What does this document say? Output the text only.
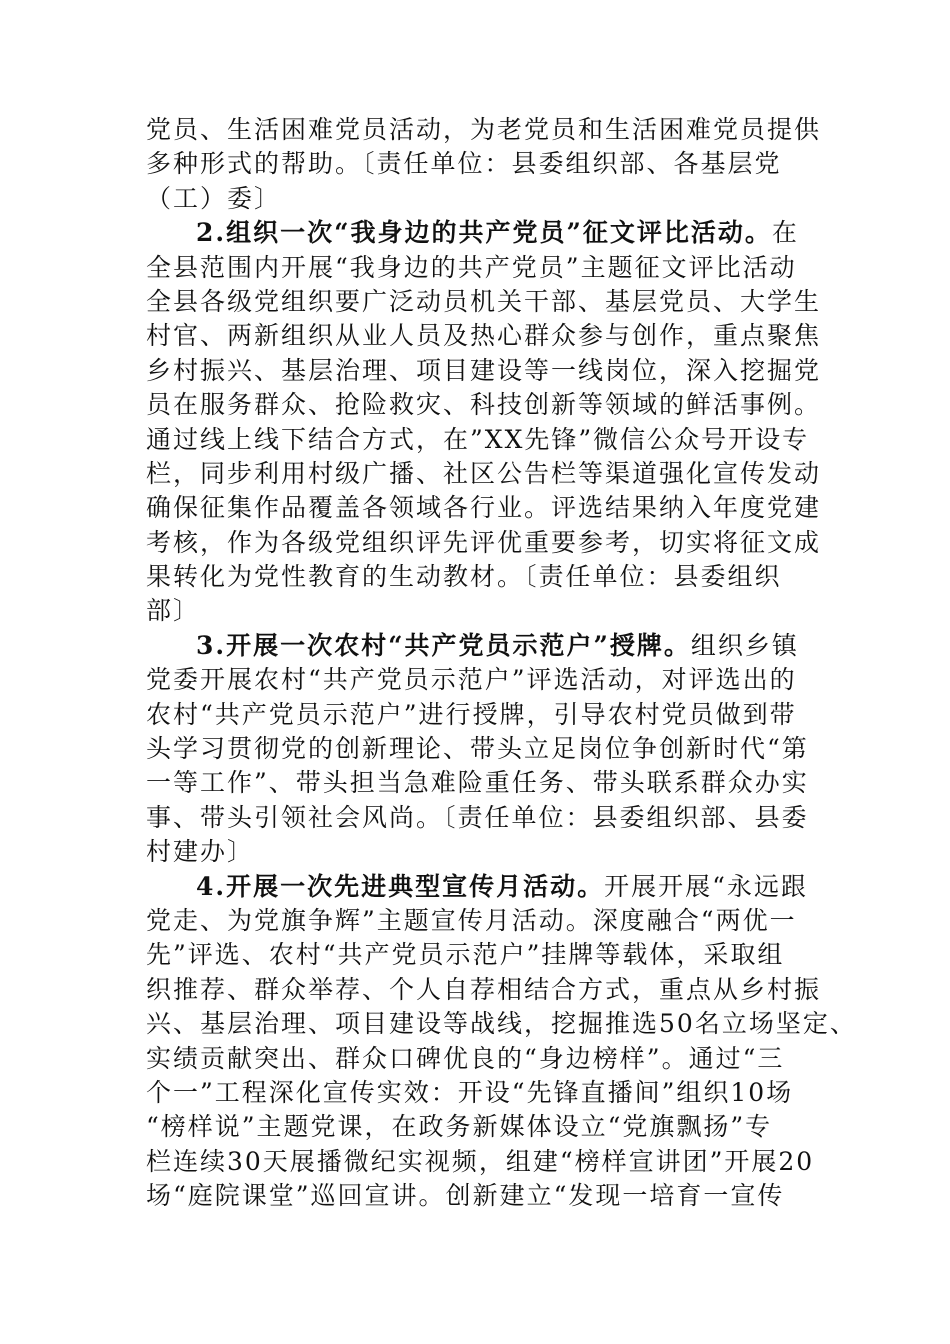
党员、生活困难党员活动，为老党员和生活困难党员提供
多种形式的帮助。〔责任单位：县委组织部、各基层党
（工）委〕
2.组织一次“我身边的共产党员”征文评比活动。在
全县范围内开展“我身边的共产党员”主题征文评比活动
全县各级党组织要广泛动员机关干部、基层党员、大学生
村官、两新组织从业人员及热心群众参与创作，重点聚焦
乡村振兴、基层治理、项目建设等一线岗位，深入挖掘党
员在服务群众、抢险救灾、科技创新等领域的鲜活事例。
通过线上线下结合方式，在”XX先锋”微信公众号开设专
栏，同步利用村级广播、社区公告栏等渠道强化宣传发动
确保征集作品覆盖各领域各行业。评选结果纳入年度党建
考核，作为各级党组织评先评优重要参考，切实将征文成
果转化为党性教育的生动教材。〔责任单位：县委组织
部〕
3.开展一次农村“共产党员示范户”授牌。组织乡镇
党委开展农村“共产党员示范户”评选活动，对评选出的
农村“共产党员示范户”进行授牌，引导农村党员做到带
头学习贯彻党的创新理论、带头立足岗位争创新时代“第
一等工作”、带头担当急难险重任务、带头联系群众办实
事、带头引领社会风尚。〔责任单位：县委组织部、县委
村建办〕
4.开展一次先进典型宣传月活动。开展开展“永远跟
党走、为党旗争辉”主题宣传月活动。深度融合“两优一
先”评选、农村“共产党员示范户”挂牌等载体，采取组
织推荐、群众举荐、个人自荐相结合方式，重点从乡村振
兴、基层治理、项目建设等战线，挖掘推选50名立场坚定、
实绩贡献突出、群众口碑优良的“身边榜样”。通过“三
个一”工程深化宣传实效：开设“先锋直播间”组织10场
“榜样说”主题党课，在政务新媒体设立“党旗飘扬”专
栏连续30天展播微纪实视频，组建“榜样宣讲团”开展20
场“庭院课堂”巡回宣讲。创新建立“发现一培育一宣传
